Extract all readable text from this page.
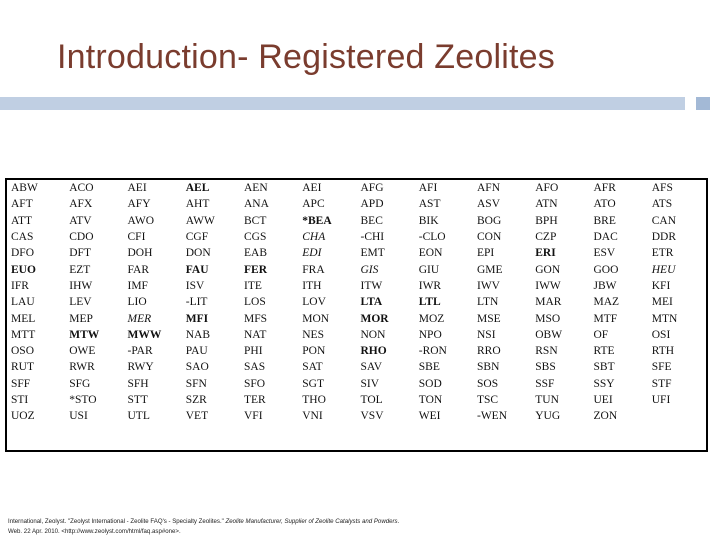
Introduction- Registered Zeolites
ABW	ACO	AEI	AEL	AEN	AEI	AFG	AFI	AFN	AFO	AFR	AFS
AFT	AFX	AFY	AHT	ANA	APC	APD	AST	ASV	ATN	ATO	ATS
ATT	ATV	AWO	AWW	BCT	*BEA	BEC	BIK	BOG	BPH	BRE	CAN
CAS	CDO	CFI	CGF	CGS	CHA	-CHI	-CLO	CON	CZP	DAC	DDR
DFO	DFT	DOH	DON	EAB	EDI	EMT	EON	EPI	ERI	ESV	ETR
EUO	EZT	FAR	FAU	FER	FRA	GIS	GIU	GME	GON	GOO	HEU
IFR	IHW	IMF	ISV	ITE	ITH	ITW	IWR	IWV	IWW	JBW	KFI
LAU	LEV	LIO	-LIT	LOS	LOV	LTA	LTL	LTN	MAR	MAZ	MEI
MEL	MEP	MER	MFI	MFS	MON	MOR	MOZ	MSE	MSO	MTF	MTN
MTT	MTW	MWW	NAB	NAT	NES	NON	NPO	NSI	OBW	OF	OSI
OSO	OWE	-PAR	PAU	PHI	PON	RHO	-RON	RRO	RSN	RTE	RTH
RUT	RWR	RWY	SAO	SAS	SAT	SAV	SBE	SBN	SBS	SBT	SFE
SFF	SFG	SFH	SFN	SFO	SGT	SIV	SOD	SOS	SSF	SSY	STF
STI	*STO	STT	SZR	TER	THO	TOL	TON	TSC	TUN	UEI	UFI
UOZ	USI	UTL	VET	VFI	VNI	VSV	WEI	-WEN	YUG	ZON	
International, Zeolyst. "Zeolyst International - Zeolite FAQ's - Specialty Zeolites." Zeolite Manufacturer, Supplier of Zeolite Catalysts and Powders. Web. 22 Apr. 2010. <http://www.zeolyst.com/html/faq.asp#one>.
